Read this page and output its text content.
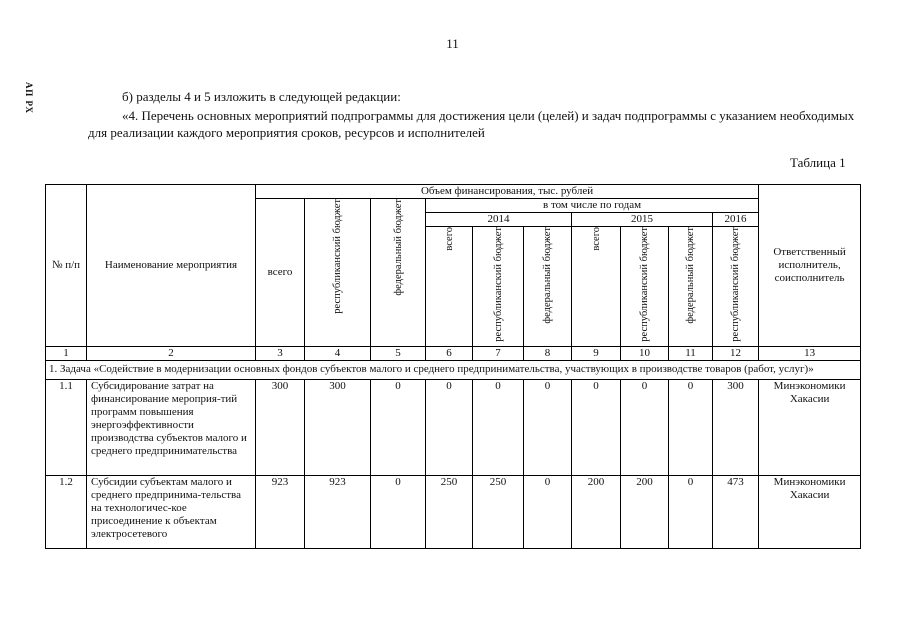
11
АП РХ	б) разделы 4 и 5 изложить в следующей редакции:
«4. Перечень основных мероприятий подпрограммы для достижения цели (целей) и задач подпрограммы с указанием необходимых для реализации каждого мероприятия сроков, ресурсов и исполнителей
Таблица 1
№ п/п	Наименование мероприятия	Объем финансирования, тыс. рублей										Ответственный исполнитель, соисполнитель
		всего	республиканский бюджет	федеральный бюджет	в том числе по годам							
					2014			2015			2016	
					всего	республиканский бюджет	федеральный бюджет	всего	республиканский бюджет	федеральный бюджет	республиканский бюджет	
1	2	3	4	5	6	7	8	9	10	11	12	13
1. Задача «Содействие в модернизации основных фондов субъектов малого и среднего предпринимательства, участвующих в производстве товаров (работ, услуг)»												
1.1	Субсидирование затрат на финансирование мероприя-тий программ повышения энергоэффективности производства субъектов малого и среднего предпринимательства	300	300	0	0	0	0	0	0	0	300	Минэкономики Хакасии
1.2	Субсидии субъектам малого и среднего предпринима-тельства на технологичес-кое присоединение к объектам электросетевого	923	923	0	250	250	0	200	200	0	473	Минэкономики Хакасии
